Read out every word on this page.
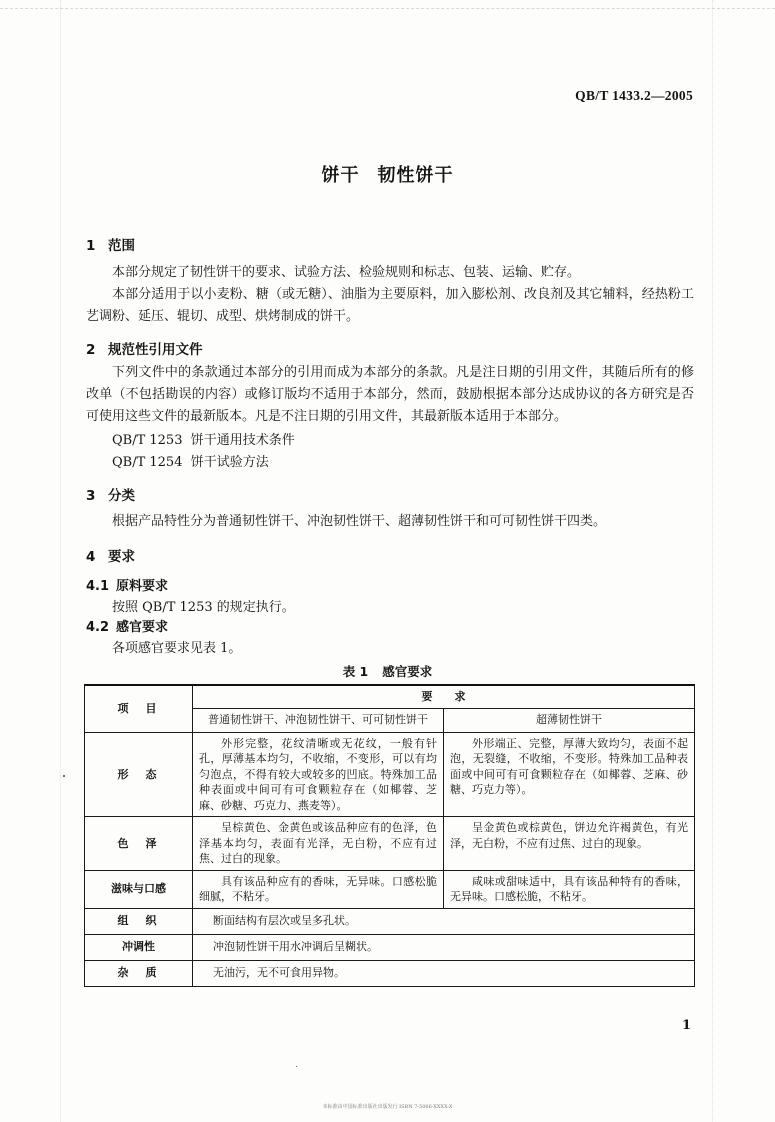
QB/T 1433.2—2005
饼干 韧性饼干
1 范围
本部分规定了韧性饼干的要求、试验方法、检验规则和标志、包装、运输、贮存。
本部分适用于以小麦粉、糖（或无糖）、油脂为主要原料，加入膨松剂、改良剂及其它辅料，经热粉工艺调粉、延压、辊切、成型、烘烤制成的饼干。
2 规范性引用文件
下列文件中的条款通过本部分的引用而成为本部分的条款。凡是注日期的引用文件，其随后所有的修改单（不包括勘误的内容）或修订版均不适用于本部分，然而，鼓励根据本部分达成协议的各方研究是否可使用这些文件的最新版本。凡是不注日期的引用文件，其最新版本适用于本部分。
QB/T 1253 饼干通用技术条件
QB/T 1254 饼干试验方法
3 分类
根据产品特性分为普通韧性饼干、冲泡韧性饼干、超薄韧性饼干和可可韧性饼干四类。
4 要求
4.1 原料要求
按照 QB/T 1253 的规定执行。
4.2 感官要求
各项感官要求见表 1。
表 1 感官要求
项　目	要　　求	
	普通韧性饼干、冲泡韧性饼干、可可韧性饼干	超薄韧性饼干
形　态	外形完整，花纹清晰或无花纹，一般有针孔，厚薄基本均匀，不收缩，不变形，可以有均匀泡点，不得有较大或较多的凹底。特殊加工品种表面或中间可有可食颗粒存在（如椰蓉、芝麻、砂糖、巧克力、燕麦等）。	外形端正、完整，厚薄大致均匀，表面不起泡，无裂缝，不收缩，不变形。特殊加工品种表面或中间可有可食颗粒存在（如椰蓉、芝麻、砂糖、巧克力等）。
色　泽	呈棕黄色、金黄色或该品种应有的色泽，色泽基本均匀，表面有光泽，无白粉，不应有过焦、过白的现象。	呈金黄色或棕黄色，饼边允许褐黄色，有光泽，无白粉，不应有过焦、过白的现象。
滋味与口感	具有该品种应有的香味，无异味。口感松脆细腻，不粘牙。	咸味或甜味适中，具有该品种特有的香味，无异味。口感松脆，不粘牙。
组　织	断面结构有层次或呈多孔状。	
冲调性	冲泡韧性饼干用水冲调后呈糊状。	
杂　质	无油污，无不可食用异物。	
1
本标准由中国标准出版社出版发行 ISBN 7-5066-XXXX-X
